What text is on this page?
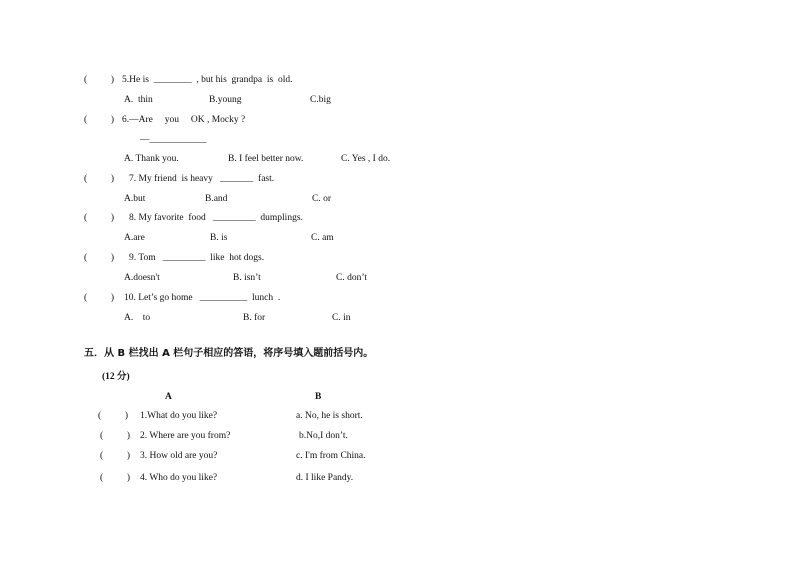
(          ) 5.He is  ________  , but his  grandpa  is  old.
A.  thin	B.young	C.big
(          ) 6.—Are     you     OK , Mocky ?
—____________
A. Thank you.	B. I feel better now.	C. Yes , I do.
(          ) 7. My friend  is heavy   _______  fast.
A.but	B.and	C. or
(          ) 8. My favorite  food   _________  dumplings.
A.are	B. is	C. am
(          ) 9. Tom   _________  like  hot dogs.
A.doesn't	B. isn’t	C. don’t
(          ) 10. Let’s go home   __________  lunch  .
A.    to	B. for	C. in
五．从 B 栏找出 A 栏句子相应的答语，将序号填入题前括号内。
(12 分)
A	B
(          ) 1.What do you like?	a. No, he is short.
(          ) 2. Where are you from?	b.No,I don’t.
(          ) 3. How old are you?	c. I'm from China.
(          ) 4. Who do you like?	d. I like Pandy.
